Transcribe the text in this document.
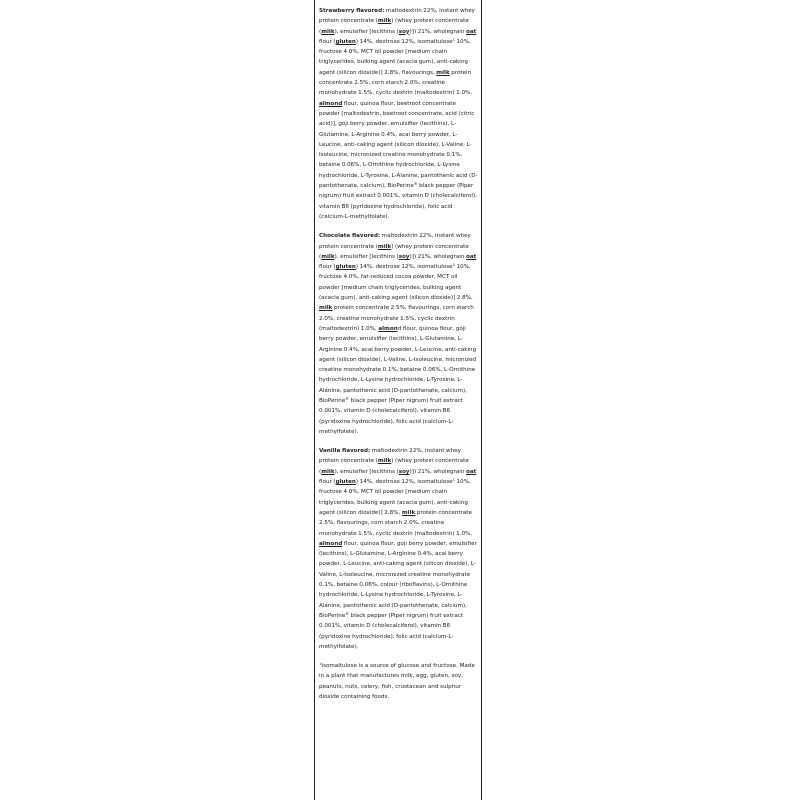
Strawberry flavored: maltodextrin 22%, instant whey protein concentrate (milk) (whey protein concentrate (milk), emulsifier [lecithins (soy)]) 21%, wholegrain oat flour (gluten) 14%, dextrose 12%, isomaltulose$^1$ 10%, fructose 4.0%, MCT oil powder [medium chain triglycerides, bulking agent (acacia gum), anti-caking agent (silicon dioxide)] 2.8%, flavourings, milk protein concentrate 2.5%, corn starch 2.0%, creatine monohydrate 1.5%, cyclic dextrin (maltodextrin) 1.0%, almond flour, quinoa flour, beetroot concentrate powder [maltodextrin, beetroot concentrate, acid (citric acid)], goji berry powder, emulsifier (lecithins), L-Glutamine, L-Arginine 0.4%, acai berry powder, L-Leucine, anti-caking agent (silicon dioxide), L-Valine, L-Isoleucine, micronized creatine monohydrate 0.1%, betaine 0.06%, L-Ornithine hydrochloride, L-Lysine hydrochloride, L-Tyrosine, L-Alanine, pantothenic acid (D-pantothenate, calcium), BioPerine® black pepper (Piper nigrum) fruit extract 0.001%, vitamin D (cholecalciferol), vitamin B6 (pyridoxine hydrochloride), folic acid (calcium-L-methylfolate).

Chocolate flavored: maltodextrin 22%, instant whey protein concentrate (milk) (whey protein concentrate (milk), emulsifier [lecithins (soy)]) 21%, wholegrain oat flour (gluten) 14%, dextrose 12%, isomaltulose$^1$ 10%, fructose 4.0%, fat-reduced cocoa powder, MCT oil powder [medium chain triglycerides, bulking agent (acacia gum), anti-caking agent (silicon dioxide)] 2.8%, milk protein concentrate 2.5%, flavourings, corn starch 2.0%, creatine monohydrate 1.5%, cyclic dextrin (maltodextrin) 1.0%, almond flour, quinoa flour, goji berry powder, emulsifier (lecithins), L-Glutamine, L-Arginine 0.4%, acai berry powder, L-Leucine, anti-caking agent (silicon dioxide), L-Valine, L-Isoleucine, micronized creatine monohydrate 0.1%, betaine 0.06%, L-Ornithine hydrochloride, L-Lysine hydrochloride, L-Tyrosine, L-Alanine, pantothenic acid (D-pantothenate, calcium), BioPerine® black pepper (Piper nigrum) fruit extract 0.001%, vitamin D (cholecalciferol), vitamin B6 (pyridoxine hydrochloride), folic acid (calcium-L-methylfolate).

Vanilla flavored: maltodextrin 22%, instant whey protein concentrate (milk) (whey protein concentrate (milk), emulsifier [lecithins (soy)]) 21%, wholegrain oat flour (gluten) 14%, dextrose 12%, isomaltulose$^1$ 10%, fructose 4.0%, MCT oil powder [medium chain triglycerides, bulking agent (acacia gum), anti-caking agent (silicon dioxide)] 2.8%, milk protein concentrate 2.5%, flavourings, corn starch 2.0%, creatine monohydrate 1.5%, cyclic dextrin (maltodextrin) 1.0%, almond flour, quinoa flour, goji berry powder, emulsifier (lecithins), L-Glutamine, L-Arginine 0.4%, acai berry powder, L-Leucine, anti-caking agent (silicon dioxide), L-Valine, L-Isoleucine, micronized creatine monohydrate 0.1%, betaine 0.06%, colour (riboflavins), L-Ornithine hydrochloride, L-Lysine hydrochloride, L-Tyrosine, L-Alanine, pantothenic acid (D-pantothenate, calcium), BioPerine® black pepper (Piper nigrum) fruit extract 0.001%, vitamin D (cholecalciferol), vitamin B6 (pyridoxine hydrochloride), folic acid (calcium-L-methylfolate).

$^1$Isomaltulose is a source of glucose and fructose. Made in a plant that manufactures milk, egg, gluten, soy, peanuts, nuts, celery, fish, crustacean and sulphur dioxide containing foods.
